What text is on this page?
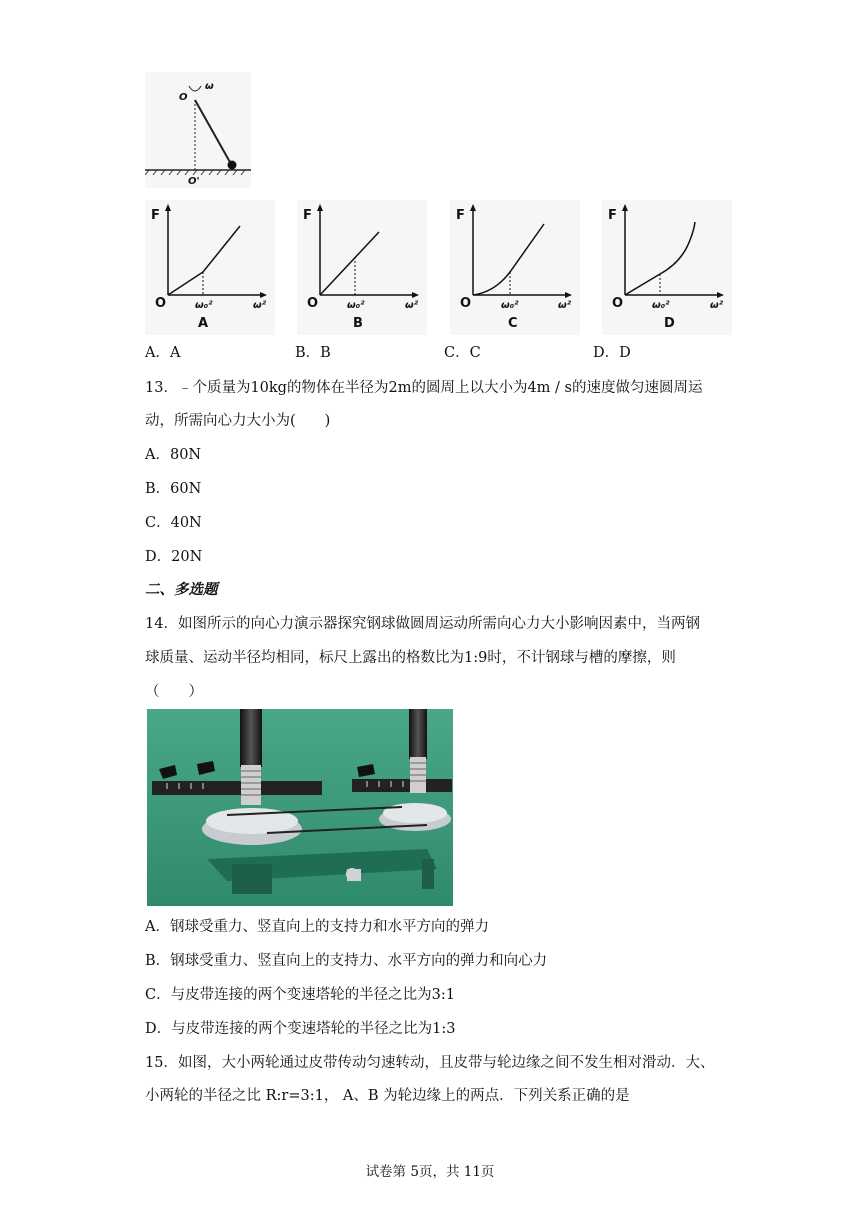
O
ω
O'
F
O	ω₀²	ω²
A
F
O	ω₀²	ω²
B
F
O	ω₀²	ω²
C
F
O	ω₀²	ω²
D
A．A	B．B	C．C	D．D
13．﹣个质量为10kg的物体在半径为2m的圆周上以大小为4m / s的速度做匀速圆周运
动，所需向心力大小为(　　)
A．80N
B．60N
C．40N
D．20N
二、多选题
14．如图所示的向心力演示器探究钢球做圆周运动所需向心力大小影响因素中，当两钢
球质量、运动半径均相同，标尺上露出的格数比为1:9时，不计钢球与槽的摩擦，则
（　　）
A．钢球受重力、竖直向上的支持力和水平方向的弹力
B．钢球受重力、竖直向上的支持力、水平方向的弹力和向心力
C．与皮带连接的两个变速塔轮的半径之比为3:1
D．与皮带连接的两个变速塔轮的半径之比为1:3
15．如图，大小两轮通过皮带传动匀速转动，且皮带与轮边缘之间不发生相对滑动．大、
小两轮的半径之比 R:r=3:1， A、B 为轮边缘上的两点．下列关系正确的是
试卷第 5页，共 11页
